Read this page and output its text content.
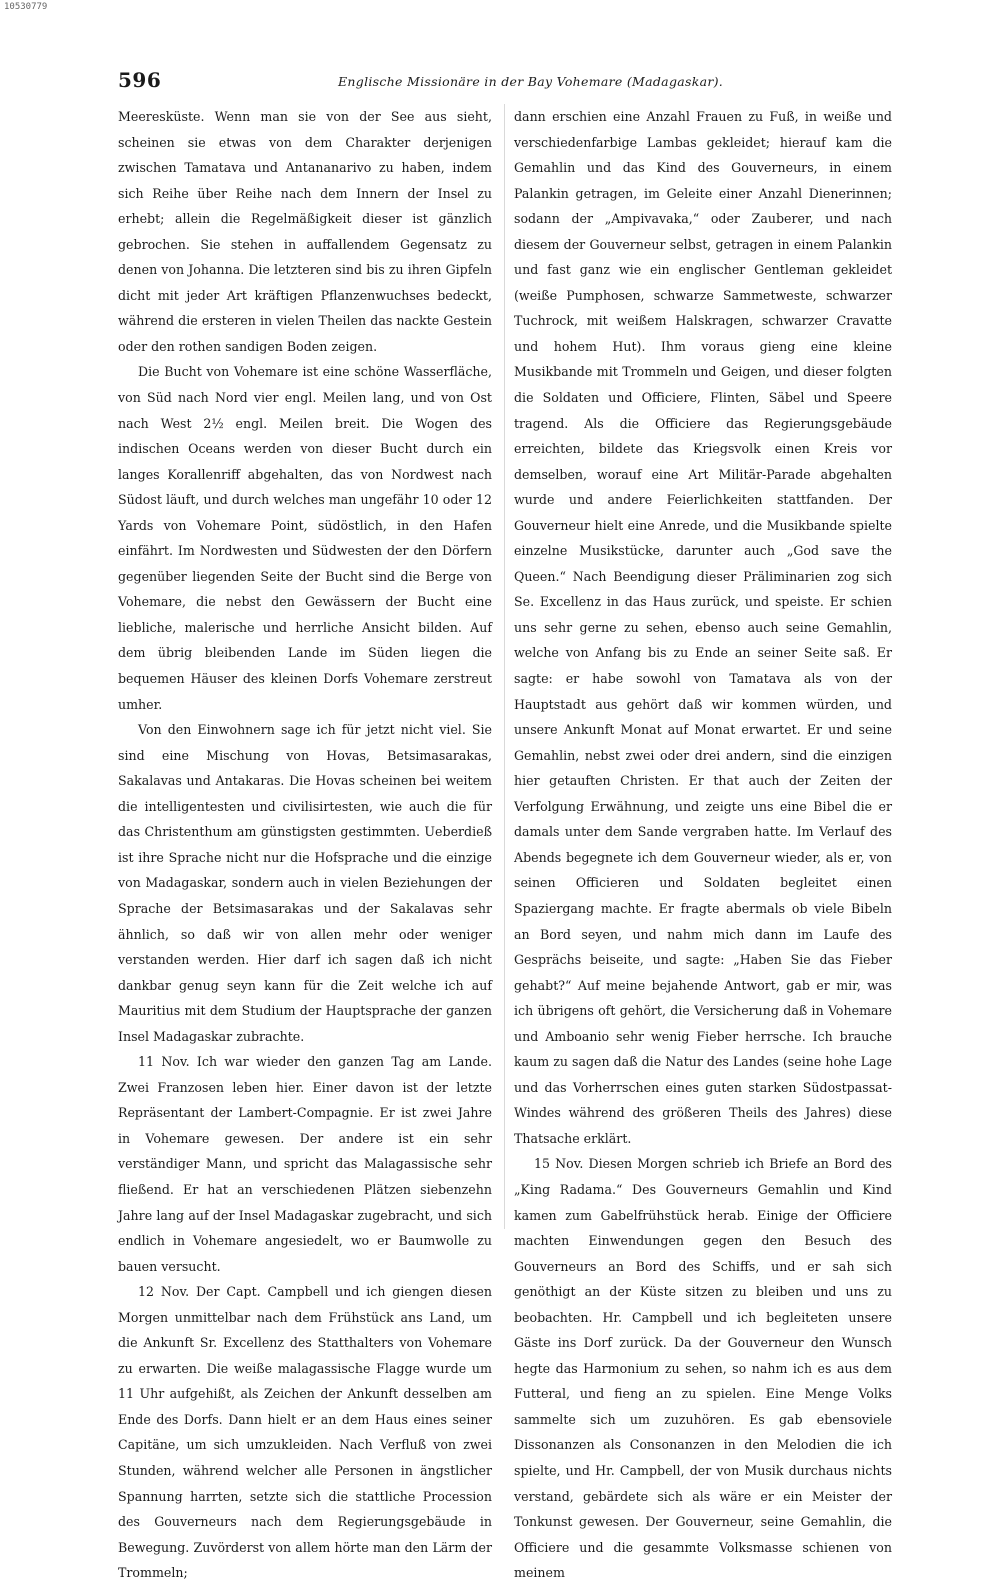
10530779
596	Englische Missionäre in der Bay Vohemare (Madagaskar).

Meeresküste. Wenn man sie von der See aus sieht, scheinen sie etwas von dem Charakter derjenigen zwischen Tamatava und Antananarivo zu haben, indem sich Reihe über Reihe nach dem Innern der Insel zu erhebt; allein die Regelmäßigkeit dieser ist gänzlich gebrochen. Sie stehen in auffallendem Gegensatz zu denen von Johanna. Die letzteren sind bis zu ihren Gipfeln dicht mit jeder Art kräftigen Pflanzenwuchses bedeckt, während die ersteren in vielen Theilen das nackte Gestein oder den rothen sandigen Boden zeigen.

Die Bucht von Vohemare ist eine schöne Wasserfläche, von Süd nach Nord vier engl. Meilen lang, und von Ost nach West 2½ engl. Meilen breit. Die Wogen des indischen Oceans werden von dieser Bucht durch ein langes Korallenriff abgehalten, das von Nordwest nach Südost läuft, und durch welches man ungefähr 10 oder 12 Yards von Vohemare Point, südöstlich, in den Hafen einfährt. Im Nordwesten und Südwesten der den Dörfern gegenüber liegenden Seite der Bucht sind die Berge von Vohemare, die nebst den Gewässern der Bucht eine liebliche, malerische und herrliche Ansicht bilden. Auf dem übrig bleibenden Lande im Süden liegen die bequemen Häuser des kleinen Dorfs Vohemare zerstreut umher.

Von den Einwohnern sage ich für jetzt nicht viel. Sie sind eine Mischung von Hovas, Betsimasarakas, Sakalavas und Antakaras. Die Hovas scheinen bei weitem die intelligentesten und civilisirtesten, wie auch die für das Christenthum am günstigsten gestimmten. Ueberdieß ist ihre Sprache nicht nur die Hofsprache und die einzige von Madagaskar, sondern auch in vielen Beziehungen der Sprache der Betsimasarakas und der Sakalavas sehr ähnlich, so daß wir von allen mehr oder weniger verstanden werden. Hier darf ich sagen daß ich nicht dankbar genug seyn kann für die Zeit welche ich auf Mauritius mit dem Studium der Hauptsprache der ganzen Insel Madagaskar zubrachte.

11 Nov. Ich war wieder den ganzen Tag am Lande. Zwei Franzosen leben hier. Einer davon ist der letzte Repräsentant der Lambert-Compagnie. Er ist zwei Jahre in Vohemare gewesen. Der andere ist ein sehr verständiger Mann, und spricht das Malagassische sehr fließend. Er hat an verschiedenen Plätzen siebenzehn Jahre lang auf der Insel Madagaskar zugebracht, und sich endlich in Vohemare angesiedelt, wo er Baumwolle zu bauen versucht.

12 Nov. Der Capt. Campbell und ich giengen diesen Morgen unmittelbar nach dem Frühstück ans Land, um die Ankunft Sr. Excellenz des Statthalters von Vohemare zu erwarten. Die weiße malagassische Flagge wurde um 11 Uhr aufgehißt, als Zeichen der Ankunft desselben am Ende des Dorfs. Dann hielt er an dem Haus eines seiner Capitäne, um sich umzukleiden. Nach Verfluß von zwei Stunden, während welcher alle Personen in ängstlicher Spannung harrten, setzte sich die stattliche Procession des Gouverneurs nach dem Regierungsgebäude in Bewegung. Zuvörderst von allem hörte man den Lärm der Trommeln;

dann erschien eine Anzahl Frauen zu Fuß, in weiße und verschiedenfarbige Lambas gekleidet; hierauf kam die Gemahlin und das Kind des Gouverneurs, in einem Palankin getragen, im Geleite einer Anzahl Dienerinnen; sodann der „Ampivavaka,“ oder Zauberer, und nach diesem der Gouverneur selbst, getragen in einem Palankin und fast ganz wie ein englischer Gentleman gekleidet (weiße Pumphosen, schwarze Sammetweste, schwarzer Tuchrock, mit weißem Halskragen, schwarzer Cravatte und hohem Hut). Ihm voraus gieng eine kleine Musikbande mit Trommeln und Geigen, und dieser folgten die Soldaten und Officiere, Flinten, Säbel und Speere tragend. Als die Officiere das Regierungsgebäude erreichten, bildete das Kriegsvolk einen Kreis vor demselben, worauf eine Art Militär-Parade abgehalten wurde und andere Feierlichkeiten stattfanden. Der Gouverneur hielt eine Anrede, und die Musikbande spielte einzelne Musikstücke, darunter auch „God save the Queen.“ Nach Beendigung dieser Präliminarien zog sich Se. Excellenz in das Haus zurück, und speiste. Er schien uns sehr gerne zu sehen, ebenso auch seine Gemahlin, welche von Anfang bis zu Ende an seiner Seite saß. Er sagte: er habe sowohl von Tamatava als von der Hauptstadt aus gehört daß wir kommen würden, und unsere Ankunft Monat auf Monat erwartet. Er und seine Gemahlin, nebst zwei oder drei andern, sind die einzigen hier getauften Christen. Er that auch der Zeiten der Verfolgung Erwähnung, und zeigte uns eine Bibel die er damals unter dem Sande vergraben hatte. Im Verlauf des Abends begegnete ich dem Gouverneur wieder, als er, von seinen Officieren und Soldaten begleitet einen Spaziergang machte. Er fragte abermals ob viele Bibeln an Bord seyen, und nahm mich dann im Laufe des Gesprächs beiseite, und sagte: „Haben Sie das Fieber gehabt?“ Auf meine bejahende Antwort, gab er mir, was ich übrigens oft gehört, die Versicherung daß in Vohemare und Amboanio sehr wenig Fieber herrsche. Ich brauche kaum zu sagen daß die Natur des Landes (seine hohe Lage und das Vorherrschen eines guten starken Südostpassat-Windes während des größeren Theils des Jahres) diese Thatsache erklärt.

15 Nov. Diesen Morgen schrieb ich Briefe an Bord des „King Radama.“ Des Gouverneurs Gemahlin und Kind kamen zum Gabelfrühstück herab. Einige der Officiere machten Einwendungen gegen den Besuch des Gouverneurs an Bord des Schiffs, und er sah sich genöthigt an der Küste sitzen zu bleiben und uns zu beobachten. Hr. Campbell und ich begleiteten unsere Gäste ins Dorf zurück. Da der Gouverneur den Wunsch hegte das Harmonium zu sehen, so nahm ich es aus dem Futteral, und fieng an zu spielen. Eine Menge Volks sammelte sich um zuzuhören. Es gab ebensoviele Dissonanzen als Consonanzen in den Melodien die ich spielte, und Hr. Campbell, der von Musik durchaus nichts verstand, gebärdete sich als wäre er ein Meister der Tonkunst gewesen. Der Gouverneur, seine Gemahlin, die Officiere und die gesammte Volksmasse schienen von meinem
